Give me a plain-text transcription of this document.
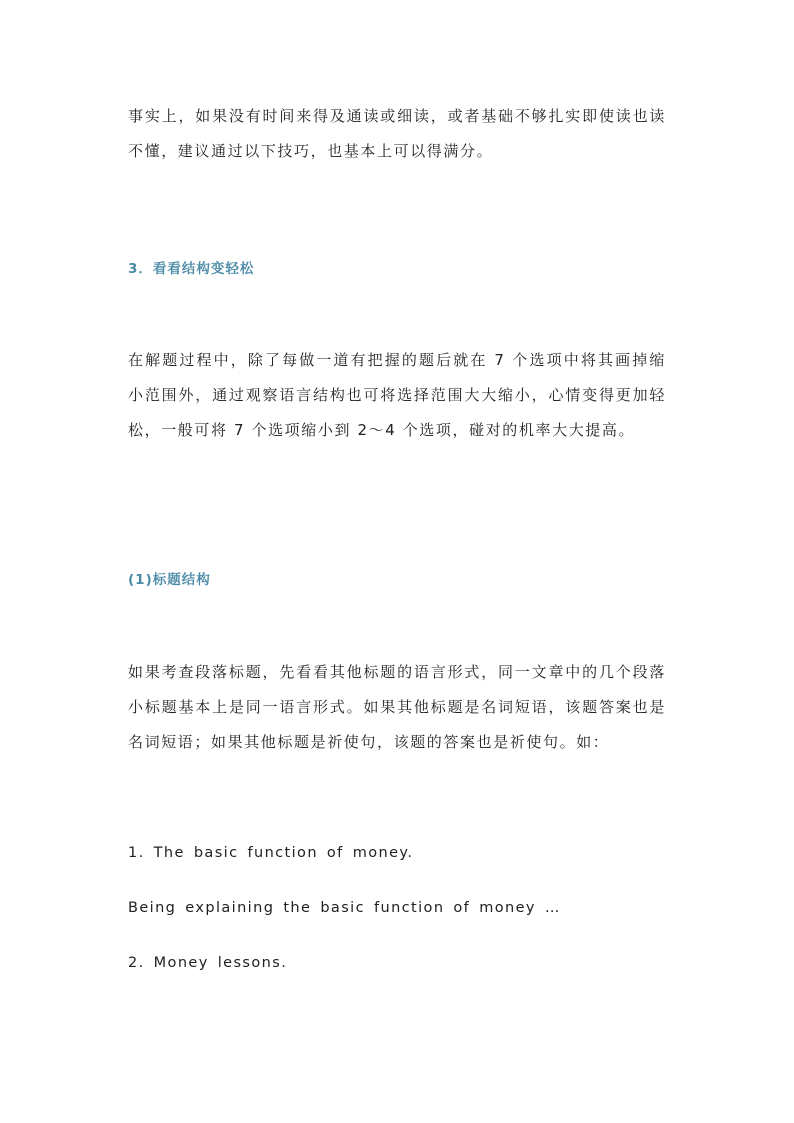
事实上，如果没有时间来得及通读或细读，或者基础不够扎实即使读也读不懂，建议通过以下技巧，也基本上可以得满分。

3．看看结构变轻松

在解题过程中，除了每做一道有把握的题后就在 7 个选项中将其画掉缩小范围外，通过观察语言结构也可将选择范围大大缩小，心情变得更加轻松，一般可将 7 个选项缩小到 2～4 个选项，碰对的机率大大提高。

(1)标题结构

如果考查段落标题，先看看其他标题的语言形式，同一文章中的几个段落小标题基本上是同一语言形式。如果其他标题是名词短语，该题答案也是名词短语；如果其他标题是祈使句，该题的答案也是祈使句。如：

1. The basic function of money.

Being explaining the basic function of money …

2. Money lessons.
